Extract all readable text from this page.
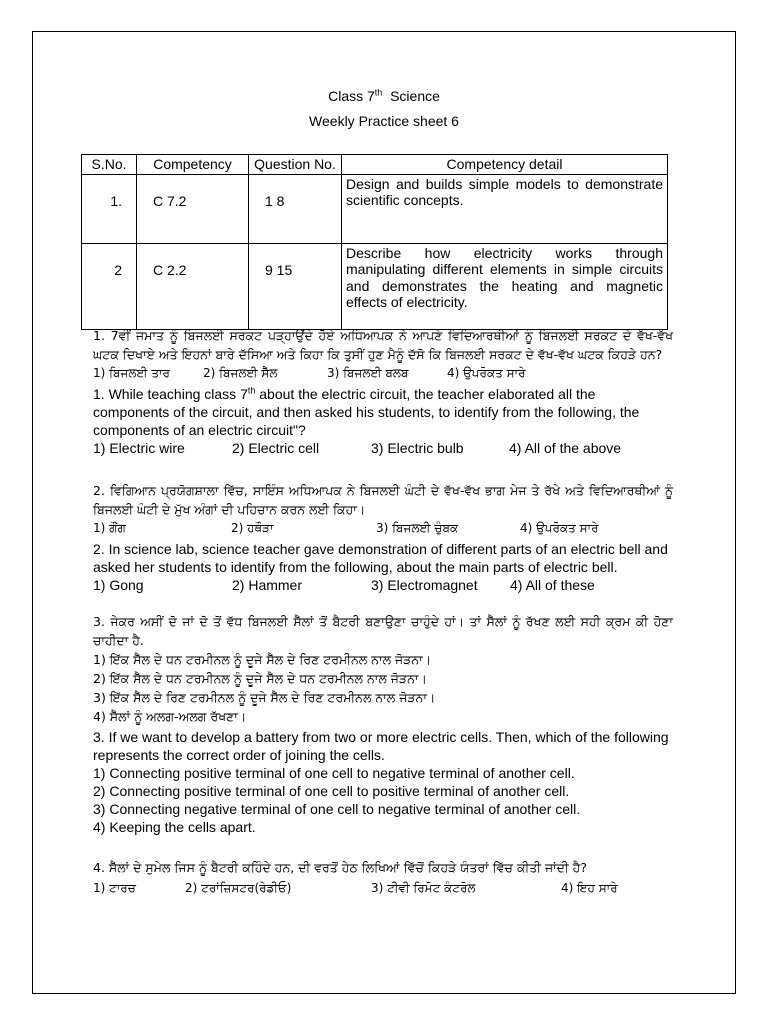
Class 7th Science
Weekly Practice sheet 6
S.No.	Competency	Question No.	Competency detail
1.	C 7.2	1 8	Design and builds simple models to demonstrate scientific concepts.
2	C 2.2	9 15	Describe how electricity works through manipulating different elements in simple circuits and demonstrates the heating and magnetic effects of electricity.
1. 7ਵੀਂ ਜਮਾਤ ਨੂੰ ਬਿਜਲਈ ਸਰਕਟ ਪੜ੍ਹਾਉਂਦੇ ਹੋਏ ਅਧਿਆਪਕ ਨੇ ਆਪਣੇ ਵਿਦਿਆਰਥੀਆਂ ਨੂੰ ਬਿਜਲਈ ਸਰਕਟ ਦੇ ਵੱਖ-ਵੱਖ ਘਟਕ ਦਿਖਾਏ ਅਤੇ ਇਹਨਾਂ ਬਾਰੇ ਦੱਸਿਆ ਅਤੇ ਕਿਹਾ ਕਿ ਤੁਸੀਂ ਹੁਣ ਮੈਨੂੰ ਦੱਸੋ ਕਿ ਬਿਜਲਈ ਸਰਕਟ ਦੇ ਵੱਖ-ਵੱਖ ਘਟਕ ਕਿਹੜੇ ਹਨ?
1) ਬਿਜਲਈ ਤਾਰ	2) ਬਿਜਲਈ ਸੈੱਲ	3) ਬਿਜਲਈ ਬਲਬ	4) ਉਪਰੋਕਤ ਸਾਰੇ
1. While teaching class 7th about the electric circuit, the teacher elaborated all the components of the circuit, and then asked his students, to identify from the following, the components of an electric circuit"?
1) Electric wire	2) Electric cell	3) Electric bulb	4) All of the above
2. ਵਿਗਿਆਨ ਪ੍ਰਯੋਗਸ਼ਾਲਾ ਵਿੱਚ, ਸਾਇੰਸ ਅਧਿਆਪਕ ਨੇ ਬਿਜਲਈ ਘੰਟੀ ਦੇ ਵੱਖ-ਵੱਖ ਭਾਗ ਮੇਜ ਤੇ ਰੱਖੇ ਅਤੇ ਵਿਦਿਆਰਥੀਆਂ ਨੂੰ ਬਿਜਲਈ ਘੰਟੀ ਦੇ ਮੁੱਖ ਅੰਗਾਂ ਦੀ ਪਹਿਚਾਨ ਕਰਨ ਲਈ ਕਿਹਾ।
1) ਗੌਂਗ	2) ਹਥੌੜਾ	3) ਬਿਜਲਈ ਚੁੰਬਕ	4) ਉਪਰੋਕਤ ਸਾਰੇ
2. In science lab, science teacher gave demonstration of different parts of an electric bell and asked her students to identify from the following, about the main parts of electric bell.
1) Gong	2) Hammer	3) Electromagnet	4) All of these
3. ਜੇਕਰ ਅਸੀਂ ਦੋ ਜਾਂ ਦੋ ਤੋਂ ਵੱਧ ਬਿਜਲਈ ਸੈੱਲਾਂ ਤੋਂ ਬੈਟਰੀ ਬਣਾਉਣਾ ਚਾਹੁੰਦੇ ਹਾਂ। ਤਾਂ ਸੈੱਲਾਂ ਨੂੰ ਰੱਖਣ ਲਈ ਸਹੀ ਕ੍ਰਮ ਕੀ ਹੋਣਾ ਚਾਹੀਦਾ ਹੈ.
1) ਇੱਕ ਸੈੱਲ ਦੇ ਧਨ ਟਰਮੀਨਲ ਨੂੰ ਦੂਜੇ ਸੈੱਲ ਦੇ ਰਿਣ ਟਰਮੀਨਲ ਨਾਲ ਜੋੜਨਾ।
2) ਇੱਕ ਸੈੱਲ ਦੇ ਧਨ ਟਰਮੀਨਲ ਨੂੰ ਦੂਜੇ ਸੈੱਲ ਦੇ ਧਨ ਟਰਮੀਨਲ ਨਾਲ ਜੋੜਨਾ।
3) ਇੱਕ ਸੈੱਲ ਦੇ ਰਿਣ ਟਰਮੀਨਲ ਨੂੰ ਦੂਜੇ ਸੈੱਲ ਦੇ ਰਿਣ ਟਰਮੀਨਲ ਨਾਲ ਜੋੜਨਾ।
4) ਸੈੱਲਾਂ ਨੂੰ ਅਲਗ-ਅਲਗ ਰੱਖਣਾ।
3. If we want to develop a battery from two or more electric cells. Then, which of the following represents the correct order of joining the cells.
1) Connecting positive terminal of one cell to negative terminal of another cell.
2) Connecting positive terminal of one cell to positive terminal of another cell.
3) Connecting negative terminal of one cell to negative terminal of another cell.
4) Keeping the cells apart.
4. ਸੈੱਲਾਂ ਦੇ ਸੁਮੇਲ ਜਿਸ ਨੂੰ ਬੈਟਰੀ ਕਹਿੰਦੇ ਹਨ, ਦੀ ਵਰਤੋਂ ਹੇਠ ਲਿਖਿਆਂ ਵਿੱਚੋਂ ਕਿਹੜੇ ਯੰਤਰਾਂ ਵਿੱਚ ਕੀਤੀ ਜਾਂਦੀ ਹੈ?
1) ਟਾਰਚ	2) ਟਰਾਂਜ਼ਿਸਟਰ(ਰੇਡੀਓ)	3) ਟੀਵੀ ਰਿਮੋਟ ਕੰਟਰੋਲ	4) ਇਹ ਸਾਰੇ
